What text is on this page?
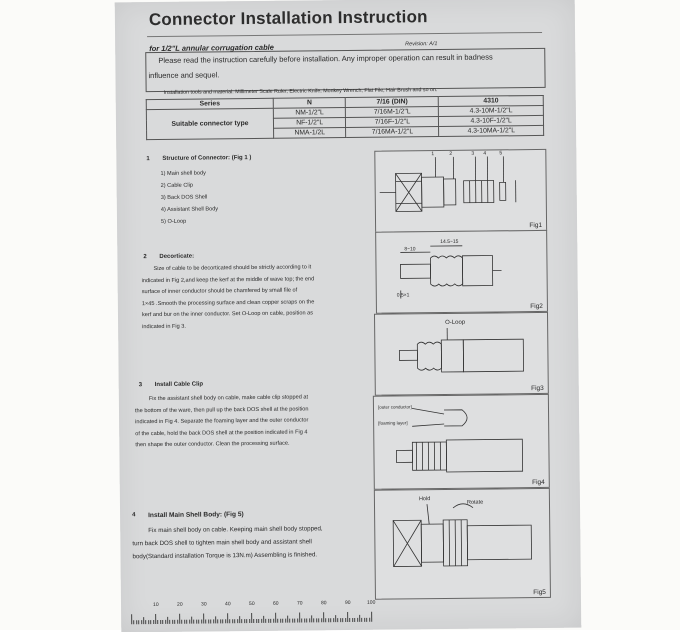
Connector Installation Instruction
for 1/2"L annular corrugation cable	Revision: A/1
Please read the instruction carefully before installation. Any improper operation can result in badness
influence and sequel.
Installation tools and material: Millimeter Scale Ruler, Electric Knife, Monkey Wrench, Flat File, Hair Brush and so on.
Series	N	7/16 (DIN)	4310
Suitable connector type	NM-1/2"L	7/16M-1/2"L	4.3-10M-1/2"L
	NF-1/2"L	7/16F-1/2"L	4.3-10F-1/2"L
	NMA-1/2L	7/16MA-1/2"L	4.3-10MA-1/2"L
1 Structure of Connector: (Fig 1 )
1) Main shell body
2) Cable Clip
3) Back DOS Shell
4) Assistant Shell Body
5) O-Loop
2 Decorticate:
Size of cable to be decorticated should be strictly according to it
indicated in Fig 2,and keep the kerf at the middle of wave top; the end
surface of inner conductor should be chamfered by small file of
1×45 .Smooth the processing surface and clean copper scraps on the
kerf and bur on the inner conductor. Set O-Loop on cable, position as
indicated in Fig 3.
3 Install Cable Clip
Fix the assistant shell body on cable, make cable clip stopped at
the bottom of the ware, then pull up the back DOS shell at the position
indicated in Fig 4. Separate the foaming layer and the outer conductor
of the cable, hold the back DOS shell at the position indicated in Fig 4
then shape the outer conductor. Clean the processing surface.
4 Install Main Shell Body: (Fig 5)
Fix main shell body on cable. Keeping main shell body stopped,
turn back DOS shell to tighten main shell body and assistant shell
body(Standard installation Torque is 13N.m) Assembling is finished.
1	2	3 4	5
Fig1
8~10
14.5~15
0.5×1
Fig2
O-Loop
Fig3
[outer conductor]
[foaming layer]
Fig4
Hold
Rotate
Fig5
10	20	30	40	50	60	70	80	90	100
